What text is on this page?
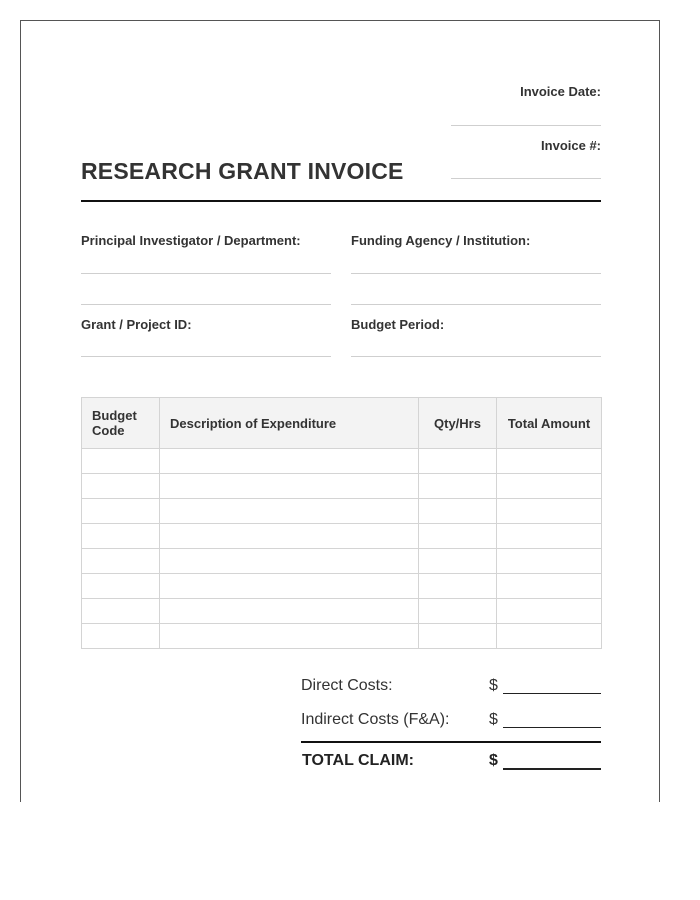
Invoice Date:
Invoice #:
RESEARCH GRANT INVOICE
Principal Investigator / Department:	Funding Agency / Institution:
Grant / Project ID:	Budget Period:
Budget Code	Description of Expenditure	Qty/Hrs	Total Amount

Direct Costs:	$
Indirect Costs (F&A): $
TOTAL CLAIM:	$
